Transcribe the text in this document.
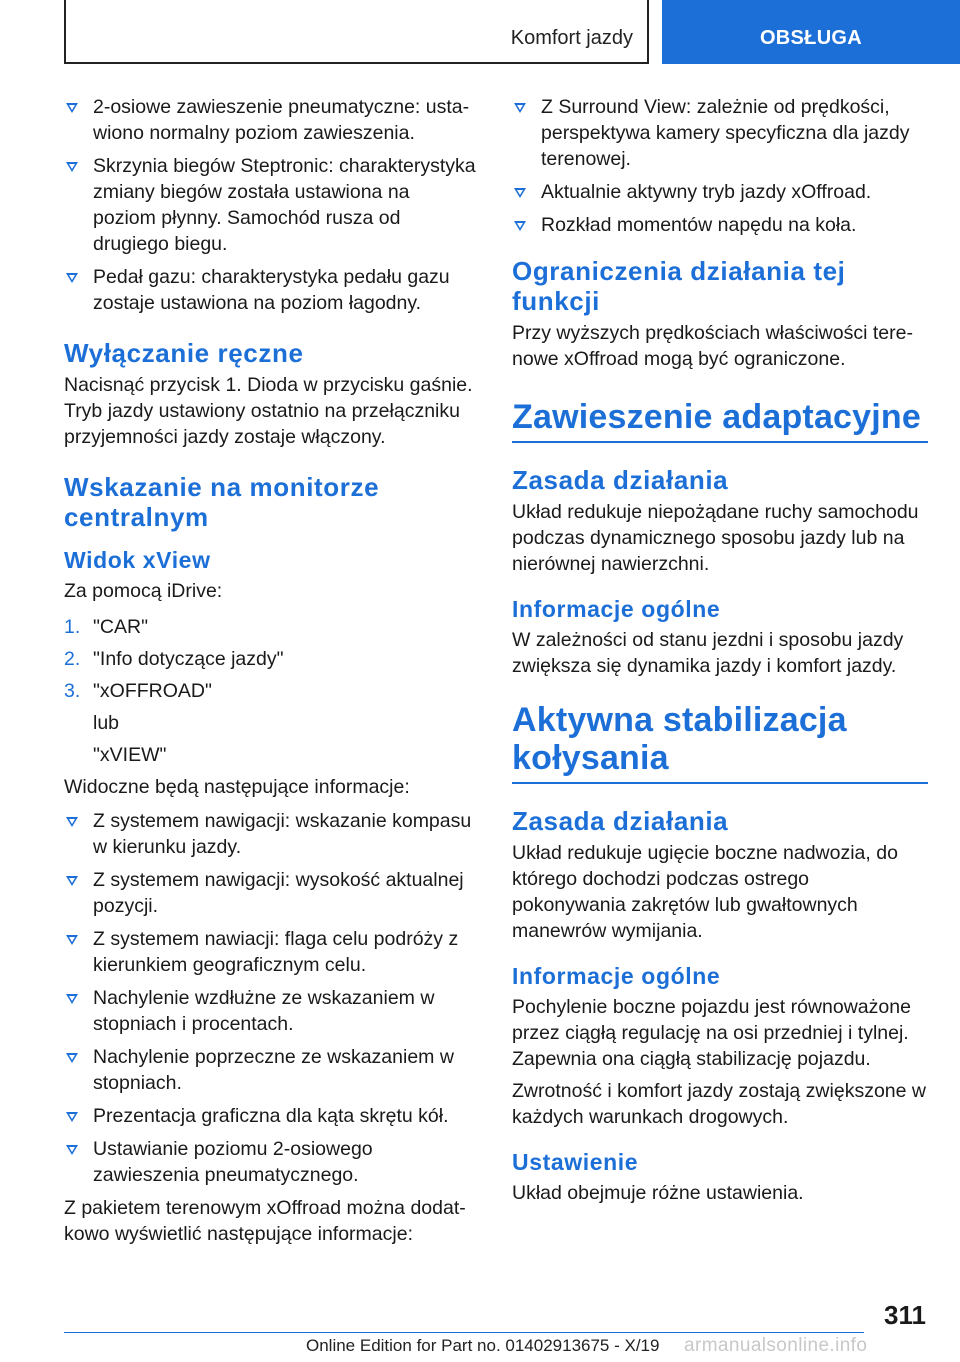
Komfort jazdy	OBSŁUGA
2-osiowe zawieszenie pneumatyczne: ustawiono normalny poziom zawieszenia.
Skrzynia biegów Steptronic: charakterystyka zmiany biegów została ustawiona na poziom płynny. Samochód rusza od drugiego biegu.
Pedał gazu: charakterystyka pedału gazu zostaje ustawiona na poziom łagodny.
Wyłączanie ręczne

Nacisnąć przycisk 1. Dioda w przycisku gaśnie. Tryb jazdy ustawiony ostatnio na przełączniku przyjemności jazdy zostaje włączony.

Wskazanie na monitorze centralnym
Widok xView

Za pomocą iDrive:

1. "CAR"
2. "Info dotyczące jazdy"
3. "xOFFROAD"
lub
"xVIEW"

Widoczne będą następujące informacje:

Z systemem nawigacji: wskazanie kompasu w kierunku jazdy.
Z systemem nawigacji: wysokość aktualnej pozycji.
Z systemem nawiacji: flaga celu podróży z kierunkiem geograficznym celu.
Nachylenie wzdłużne ze wskazaniem w stopniach i procentach.
Nachylenie poprzeczne ze wskazaniem w stopniach.
Prezentacja graficzna dla kąta skrętu kół.
Ustawianie poziomu 2-osiowego zawieszenia pneumatycznego.

Z pakietem terenowym xOffroad można dodatkowo wyświetlić następujące informacje:

Z Surround View: zależnie od prędkości, perspektywa kamery specyficzna dla jazdy terenowej.
Aktualnie aktywny tryb jazdy xOffroad.
Rozkład momentów napędu na koła.
Ograniczenia działania tej funkcji

Przy wyższych prędkościach właściwości terenowe xOffroad mogą być ograniczone.

Zawieszenie adaptacyjne
Zasada działania

Układ redukuje niepożądane ruchy samochodu podczas dynamicznego sposobu jazdy lub na nierównej nawierzchni.

Informacje ogólne

W zależności od stanu jezdni i sposobu jazdy zwiększa się dynamika jazdy i komfort jazdy.

Aktywna stabilizacja kołysania
Zasada działania

Układ redukuje ugięcie boczne nadwozia, do którego dochodzi podczas ostrego pokonywania zakrętów lub gwałtownych manewrów wymijania.

Informacje ogólne

Pochylenie boczne pojazdu jest równoważone przez ciągłą regulację na osi przedniej i tylnej. Zapewnia ona ciągłą stabilizację pojazdu.

Zwrotność i komfort jazdy zostają zwiększone w każdych warunkach drogowych.

Ustawienie

Układ obejmuje różne ustawienia.

311
Online Edition for Part no. 01402913675 - X/19 armanualsonline.info
